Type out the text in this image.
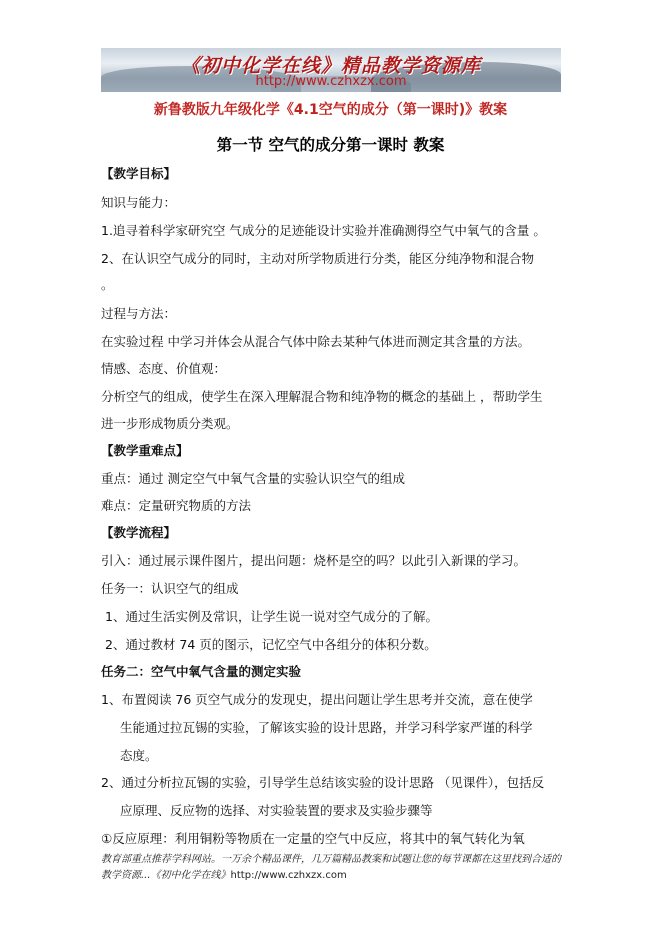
《初中化学在线》精品教学资源库
http://www.czhxzx.com
新鲁教版九年级化学《4.1空气的成分（第一课时)》教案
第一节 空气的成分第一课时 教案
【教学目标】
知识与能力：
1.追寻着科学家研究空 气成分的足迹能设计实验并准确测得空气中氧气的含量 。
2、在认识空气成分的同时，主动对所学物质进行分类，能区分纯净物和混合物
。
过程与方法：
在实验过程 中学习并体会从混合气体中除去某种气体进而测定其含量的方法。
情感、态度、价值观：
分析空气的组成，使学生在深入理解混合物和纯净物的概念的基础上 ，帮助学生
进一步形成物质分类观。
【教学重难点】
重点：通过 测定空气中氧气含量的实验认识空气的组成
难点：定量研究物质的方法
【教学流程】
引入：通过展示课件图片，提出问题：烧杯是空的吗？以此引入新课的学习。
任务一：认识空气的组成
1、通过生活实例及常识，让学生说一说对空气成分的了解。
2、通过教材 74 页的图示，记忆空气中各组分的体积分数。
任务二：空气中氧气含量的测定实验
1、布置阅读 76 页空气成分的发现史，提出问题让学生思考并交流，意在使学
生能通过拉瓦锡的实验，了解该实验的设计思路，并学习科学家严谨的科学
态度。
2、通过分析拉瓦锡的实验，引导学生总结该实验的设计思路 （见课件），包括反
应原理、反应物的选择、对实验装置的要求及实验步骤等
①反应原理：利用铜粉等物质在一定量的空气中反应，将其中的氧气转化为氧
教育部重点推荐学科网站。一万余个精品课件，几万篇精品教案和试题让您的每节课都在这里找到合适的
教学资源...《初中化学在线》http://www.czhxzx.com
